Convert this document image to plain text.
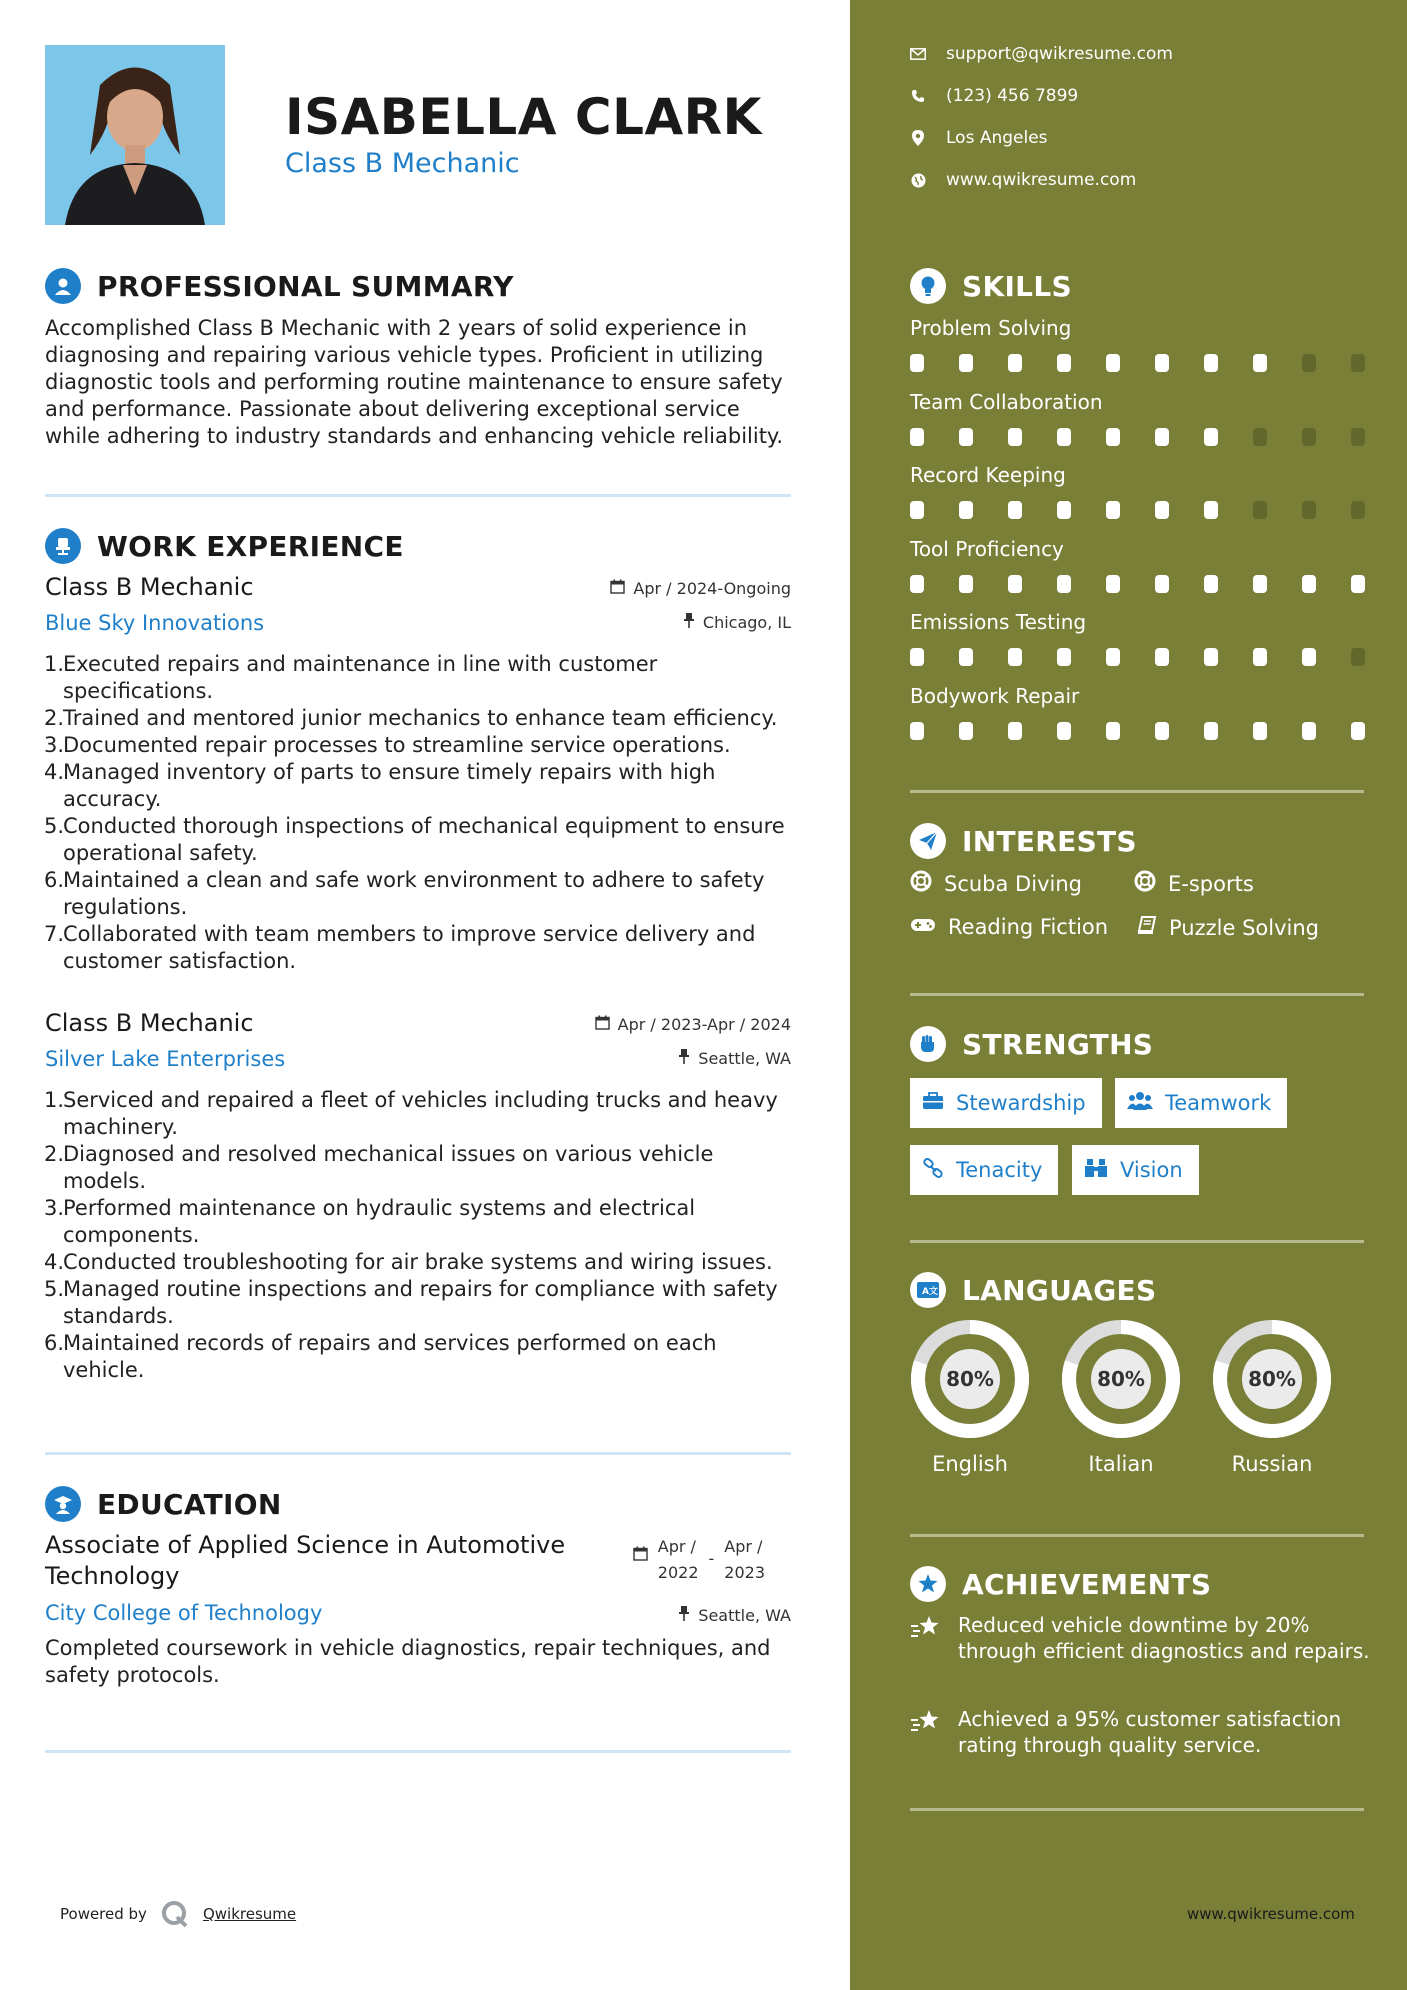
ISABELLA CLARK
Class B Mechanic
PROFESSIONAL SUMMARY
Accomplished Class B Mechanic with 2 years of solid experience in diagnosing and repairing various vehicle types. Proficient in utilizing diagnostic tools and performing routine maintenance to ensure safety and performance. Passionate about delivering exceptional service while adhering to industry standards and enhancing vehicle reliability.
WORK EXPERIENCE
Class B Mechanic
Blue Sky Innovations
Apr / 2024-Ongoing
Chicago, IL
1.Executed repairs and maintenance in line with customer specifications.
2.Trained and mentored junior mechanics to enhance team efficiency.
3.Documented repair processes to streamline service operations.
4.Managed inventory of parts to ensure timely repairs with high accuracy.
5.Conducted thorough inspections of mechanical equipment to ensure operational safety.
6.Maintained a clean and safe work environment to adhere to safety regulations.
7.Collaborated with team members to improve service delivery and customer satisfaction.
Class B Mechanic
Silver Lake Enterprises
Apr / 2023-Apr / 2024
Seattle, WA
1.Serviced and repaired a fleet of vehicles including trucks and heavy machinery.
2.Diagnosed and resolved mechanical issues on various vehicle models.
3.Performed maintenance on hydraulic systems and electrical components.
4.Conducted troubleshooting for air brake systems and wiring issues.
5.Managed routine inspections and repairs for compliance with safety standards.
6.Maintained records of repairs and services performed on each vehicle.
EDUCATION
Associate of Applied Science in Automotive Technology
City College of Technology
Completed coursework in vehicle diagnostics, repair techniques, and safety protocols.
Apr /
2022
-
Apr /
2023
Seattle, WA
Powered by	Qwikresume
support@qwikresume.com
(123) 456 7899
Los Angeles
www.qwikresume.com
SKILLS
Problem Solving
Team Collaboration
Record Keeping
Tool Proficiency
Emissions Testing
Bodywork Repair
INTERESTS
Scuba Diving	E-sports
Reading Fiction	Puzzle Solving
STRENGTHS
Stewardship	Teamwork
Tenacity	Vision
A 文 LANGUAGES
80%
English
80%
Italian
80%
Russian
ACHIEVEMENTS
Reduced vehicle downtime by 20% through efficient diagnostics and repairs.
Achieved a 95% customer satisfaction rating through quality service.
www.qwikresume.com
